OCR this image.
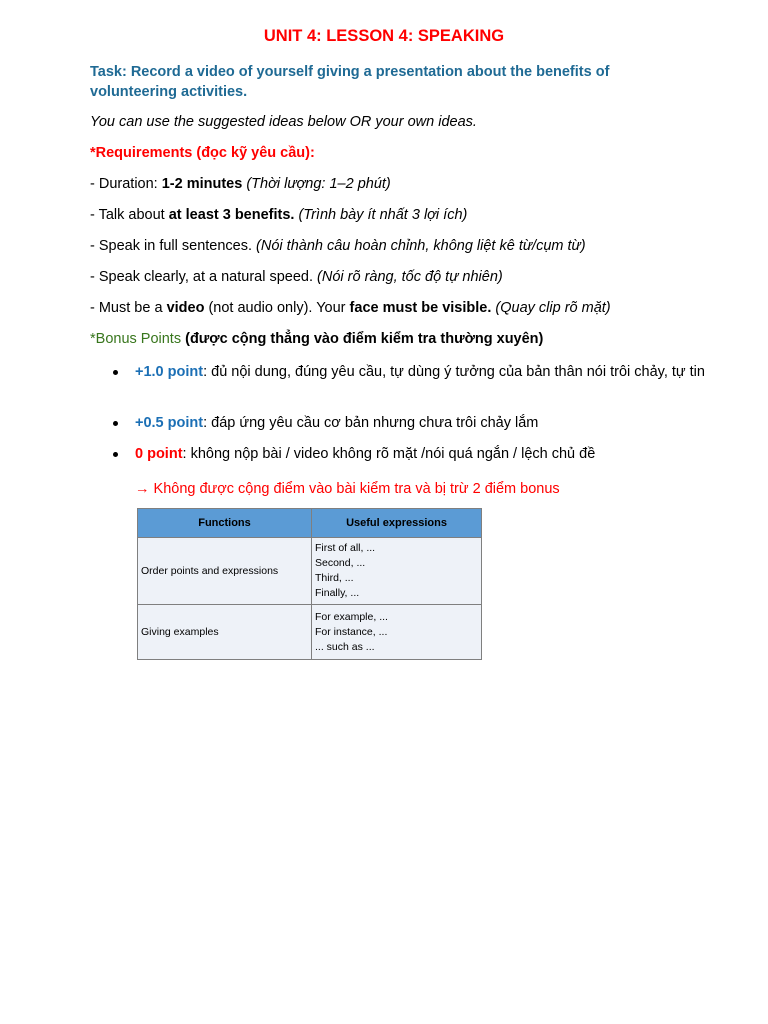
UNIT 4: LESSON 4: SPEAKING
Task: Record a video of yourself giving a presentation about the benefits of volunteering activities.
You can use the suggested ideas below OR your own ideas.
*Requirements (đọc kỹ yêu cầu):
- Duration: 1-2 minutes (Thời lượng: 1–2 phút)
- Talk about at least 3 benefits. (Trình bày ít nhất 3 lợi ích)
- Speak in full sentences. (Nói thành câu hoàn chỉnh, không liệt kê từ/cụm từ)
- Speak clearly, at a natural speed. (Nói rõ ràng, tốc độ tự nhiên)
- Must be a video (not audio only). Your face must be visible. (Quay clip rõ mặt)
*Bonus Points (được cộng thẳng vào điểm kiểm tra thường xuyên)
+1.0 point: đủ nội dung, đúng yêu cầu, tự dùng ý tưởng của bản thân nói trôi chảy, tự tin
+0.5 point: đáp ứng yêu cầu cơ bản nhưng chưa trôi chảy lắm
0 point: không nộp bài / video không rõ mặt /nói quá ngắn / lệch chủ đề
→ Không được cộng điểm vào bài kiểm tra và bị trừ 2 điểm bonus
Functions	Useful expressions
Order points and expressions	First of all, ...
Second, ...
Third, ...
Finally, ...

Giving examples	For example, ...
For instance, ...
... such as ...
